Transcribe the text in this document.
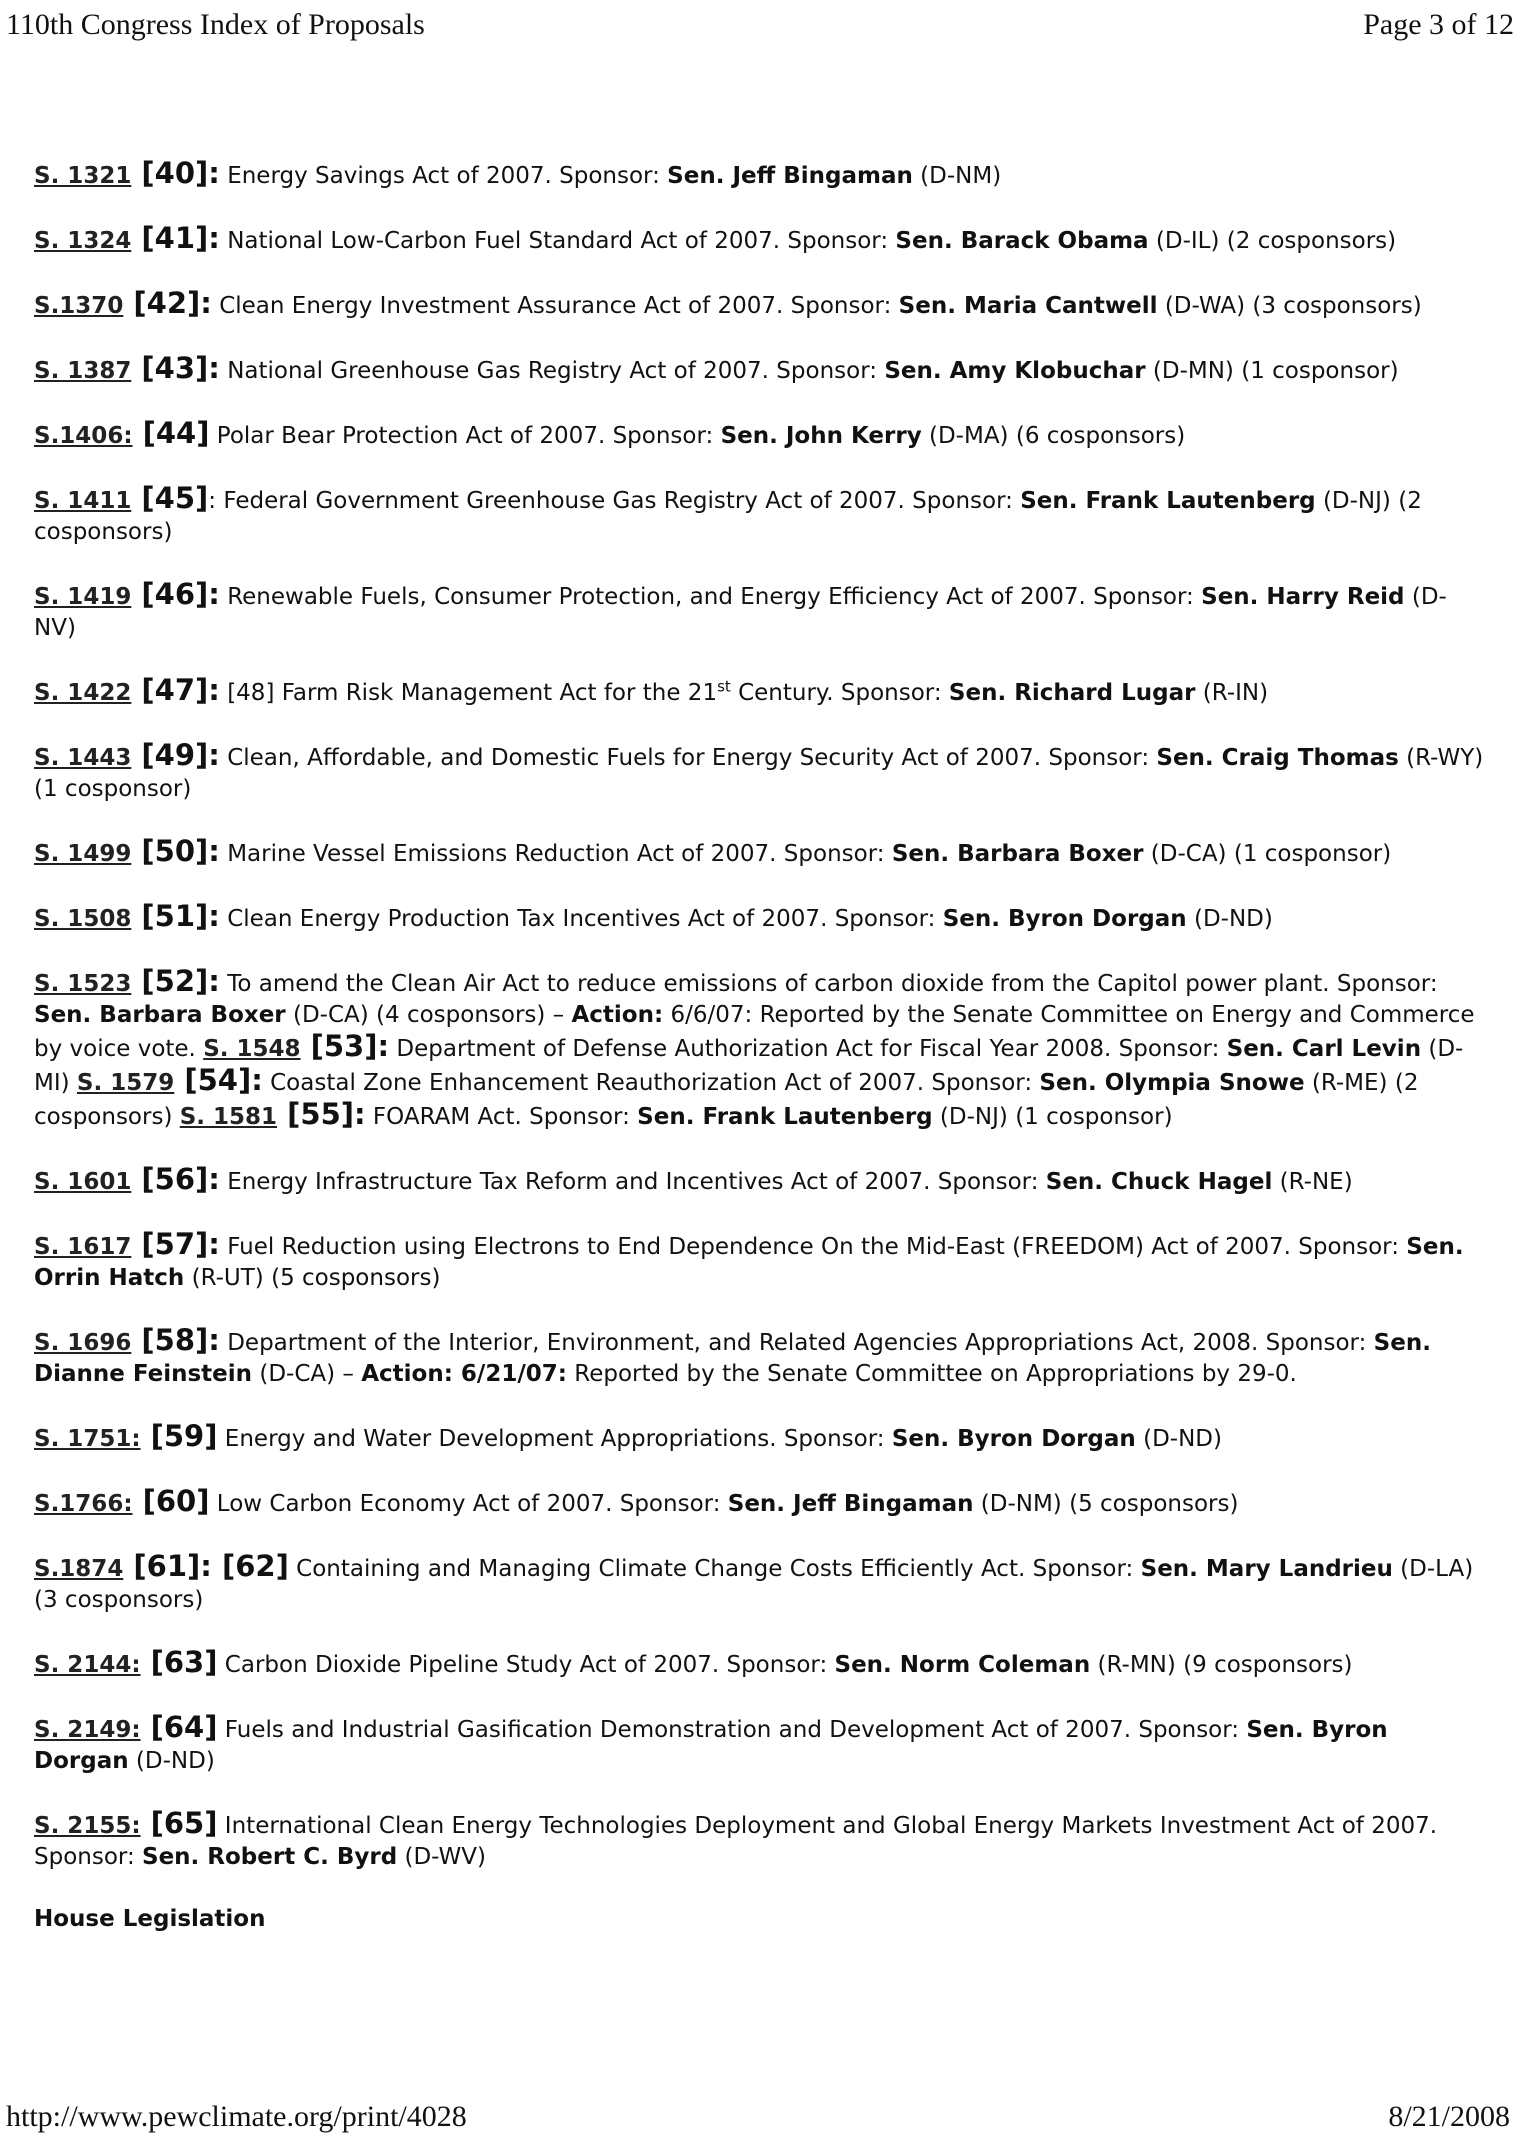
110th Congress Index of Proposals	Page 3 of 12
S. 1321 [40]: Energy Savings Act of 2007. Sponsor: Sen. Jeff Bingaman (D-NM)
S. 1324 [41]: National Low-Carbon Fuel Standard Act of 2007. Sponsor: Sen. Barack Obama (D-IL) (2 cosponsors)
S.1370 [42]: Clean Energy Investment Assurance Act of 2007. Sponsor: Sen. Maria Cantwell (D-WA) (3 cosponsors)
S. 1387 [43]: National Greenhouse Gas Registry Act of 2007. Sponsor: Sen. Amy Klobuchar (D-MN) (1 cosponsor)
S.1406: [44] Polar Bear Protection Act of 2007. Sponsor: Sen. John Kerry (D-MA) (6 cosponsors)
S. 1411 [45]: Federal Government Greenhouse Gas Registry Act of 2007. Sponsor: Sen. Frank Lautenberg (D-NJ) (2 cosponsors)
S. 1419 [46]: Renewable Fuels, Consumer Protection, and Energy Efficiency Act of 2007. Sponsor: Sen. Harry Reid (D-NV)
S. 1422 [47]: [48] Farm Risk Management Act for the 21st Century. Sponsor: Sen. Richard Lugar (R-IN)
S. 1443 [49]: Clean, Affordable, and Domestic Fuels for Energy Security Act of 2007. Sponsor: Sen. Craig Thomas (R-WY) (1 cosponsor)
S. 1499 [50]: Marine Vessel Emissions Reduction Act of 2007. Sponsor: Sen. Barbara Boxer (D-CA) (1 cosponsor)
S. 1508 [51]: Clean Energy Production Tax Incentives Act of 2007. Sponsor: Sen. Byron Dorgan (D-ND)
S. 1523 [52]: To amend the Clean Air Act to reduce emissions of carbon dioxide from the Capitol power plant. Sponsor: Sen. Barbara Boxer (D-CA) (4 cosponsors) – Action: 6/6/07: Reported by the Senate Committee on Energy and Commerce by voice vote. S. 1548 [53]: Department of Defense Authorization Act for Fiscal Year 2008. Sponsor: Sen. Carl Levin (D-MI) S. 1579 [54]: Coastal Zone Enhancement Reauthorization Act of 2007. Sponsor: Sen. Olympia Snowe (R-ME) (2 cosponsors) S. 1581 [55]: FOARAM Act. Sponsor: Sen. Frank Lautenberg (D-NJ) (1 cosponsor)
S. 1601 [56]: Energy Infrastructure Tax Reform and Incentives Act of 2007. Sponsor: Sen. Chuck Hagel (R-NE)
S. 1617 [57]: Fuel Reduction using Electrons to End Dependence On the Mid-East (FREEDOM) Act of 2007. Sponsor: Sen. Orrin Hatch (R-UT) (5 cosponsors)
S. 1696 [58]: Department of the Interior, Environment, and Related Agencies Appropriations Act, 2008. Sponsor: Sen. Dianne Feinstein (D-CA) – Action: 6/21/07: Reported by the Senate Committee on Appropriations by 29-0.
S. 1751: [59] Energy and Water Development Appropriations. Sponsor: Sen. Byron Dorgan (D-ND)
S.1766: [60] Low Carbon Economy Act of 2007. Sponsor: Sen. Jeff Bingaman (D-NM) (5 cosponsors)
S.1874 [61]: [62] Containing and Managing Climate Change Costs Efficiently Act. Sponsor: Sen. Mary Landrieu (D-LA) (3 cosponsors)
S. 2144: [63] Carbon Dioxide Pipeline Study Act of 2007. Sponsor: Sen. Norm Coleman (R-MN) (9 cosponsors)
S. 2149: [64] Fuels and Industrial Gasification Demonstration and Development Act of 2007. Sponsor: Sen. Byron Dorgan (D-ND)
S. 2155: [65] International Clean Energy Technologies Deployment and Global Energy Markets Investment Act of 2007. Sponsor: Sen. Robert C. Byrd (D-WV)
House Legislation
http://www.pewclimate.org/print/4028	8/21/2008
